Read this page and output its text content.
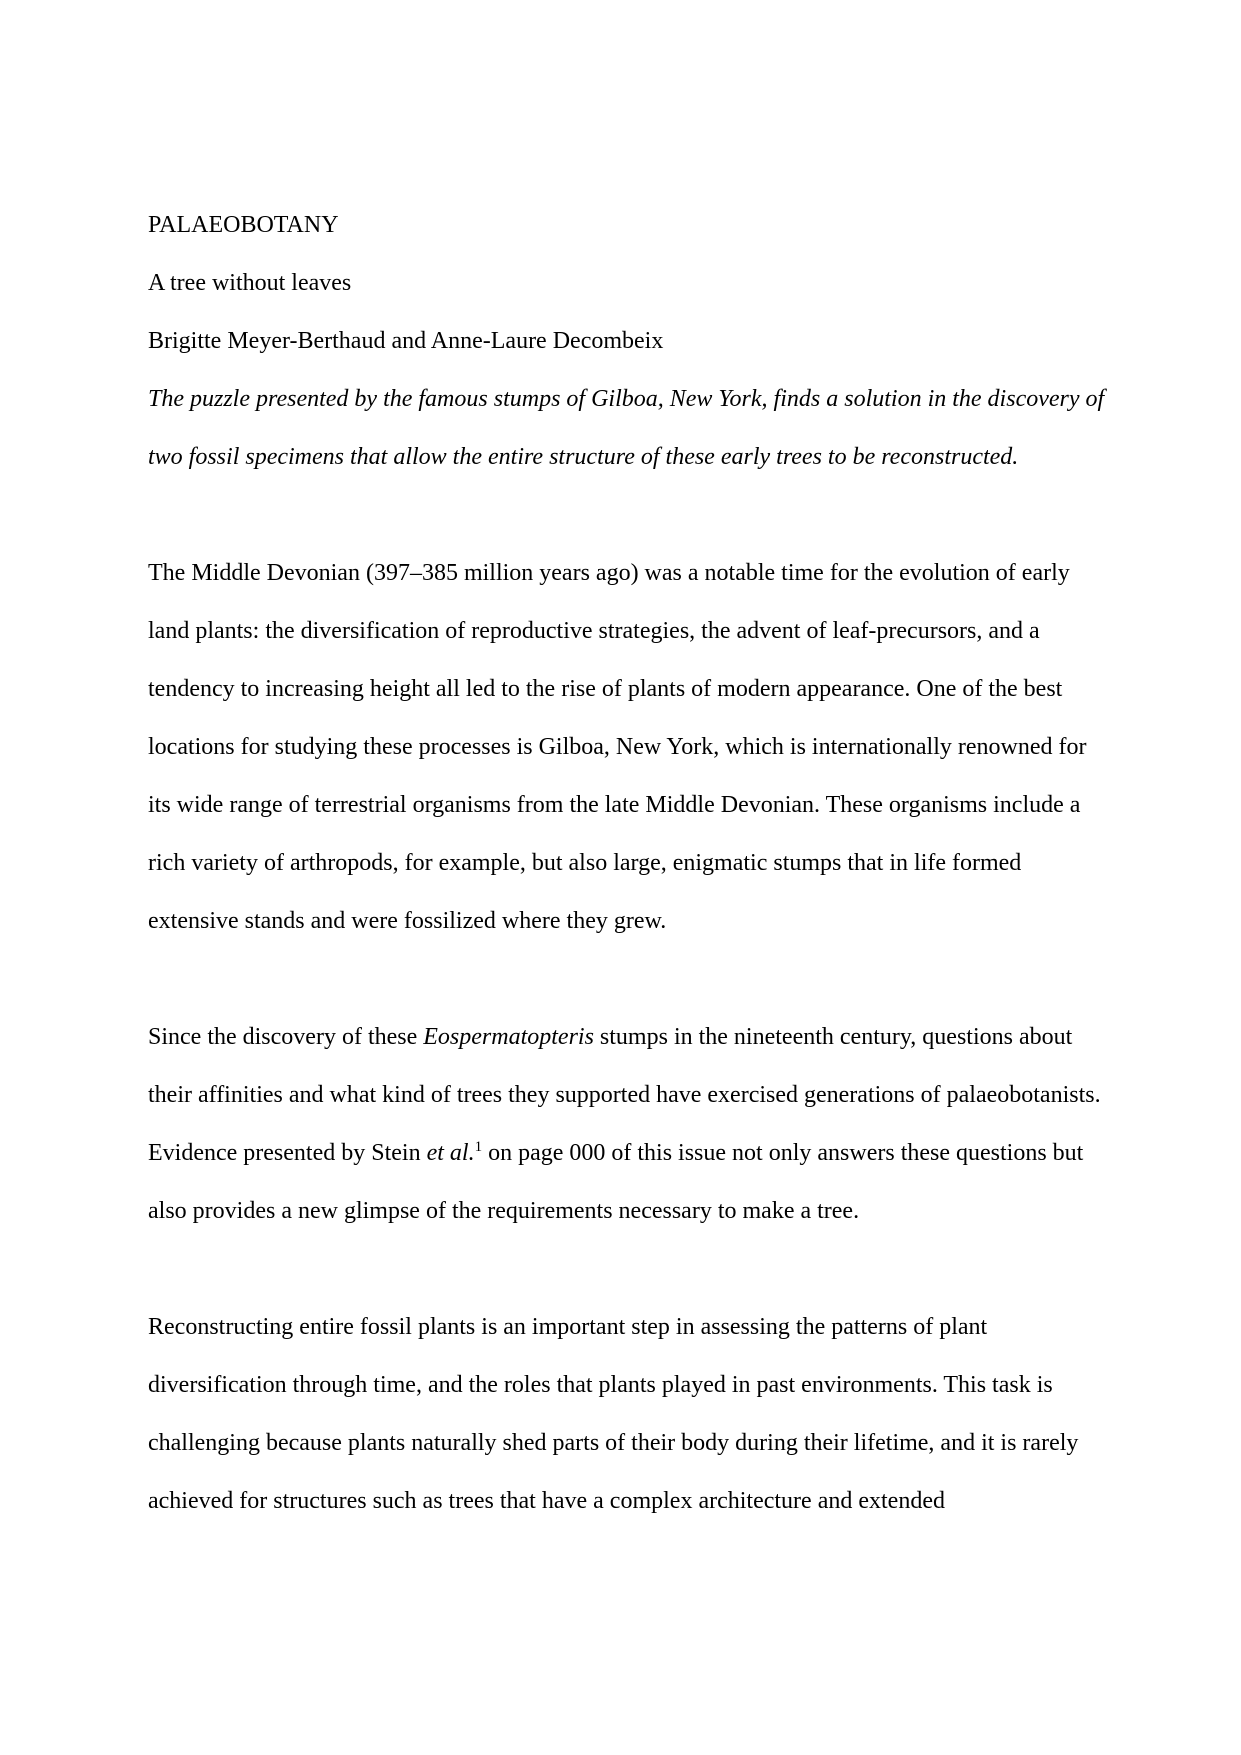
PALAEOBOTANY

A tree without leaves

Brigitte Meyer-Berthaud and Anne-Laure Decombeix

The puzzle presented by the famous stumps of Gilboa, New York, finds a solution in the discovery of two fossil specimens that allow the entire structure of these early trees to be reconstructed.

The Middle Devonian (397–385 million years ago) was a notable time for the evolution of early land plants: the diversification of reproductive strategies, the advent of leaf-precursors, and a tendency to increasing height all led to the rise of plants of modern appearance. One of the best locations for studying these processes is Gilboa, New York, which is internationally renowned for its wide range of terrestrial organisms from the late Middle Devonian. These organisms include a rich variety of arthropods, for example, but also large, enigmatic stumps that in life formed extensive stands and were fossilized where they grew.

Since the discovery of these Eospermatopteris stumps in the nineteenth century, questions about their affinities and what kind of trees they supported have exercised generations of palaeobotanists. Evidence presented by Stein et al.$^1$ on page 000 of this issue not only answers these questions but also provides a new glimpse of the requirements necessary to make a tree.

Reconstructing entire fossil plants is an important step in assessing the patterns of plant diversification through time, and the roles that plants played in past environments. This task is challenging because plants naturally shed parts of their body during their lifetime, and it is rarely achieved for structures such as trees that have a complex architecture and extended
